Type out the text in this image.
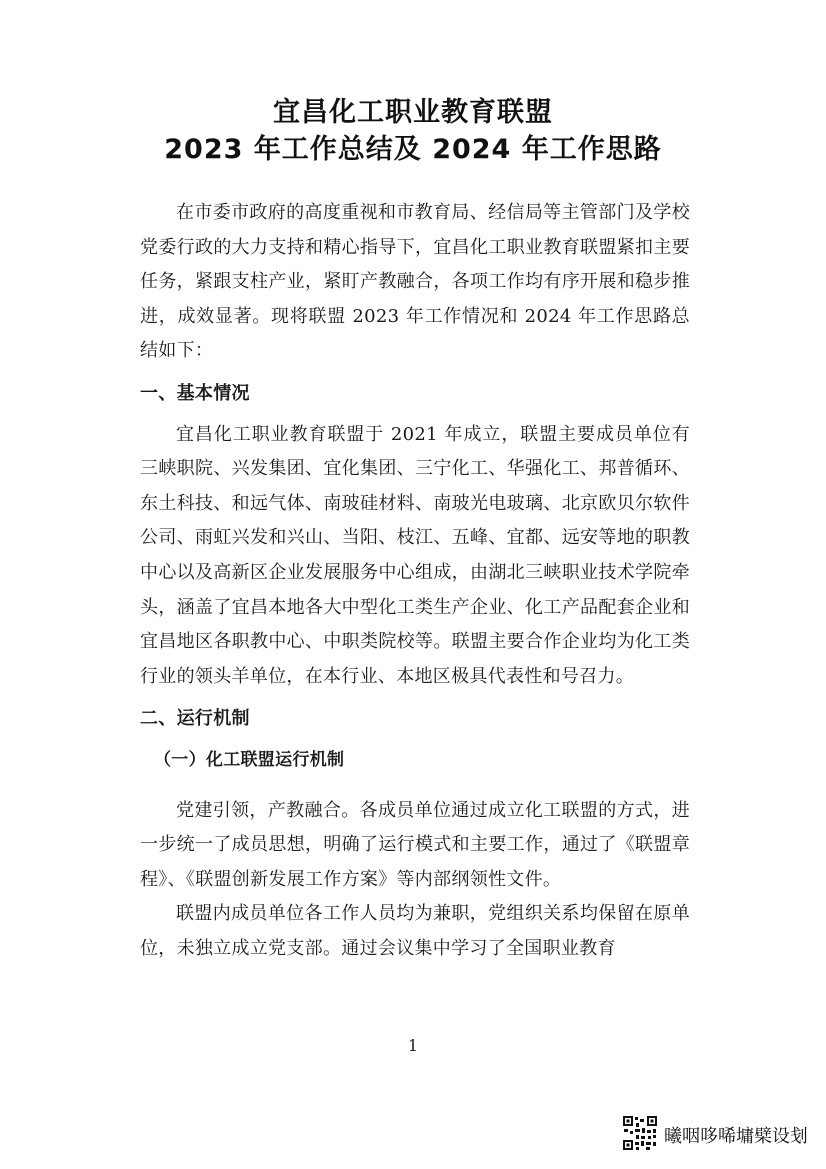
宜昌化工职业教育联盟
2023 年工作总结及 2024 年工作思路

在市委市政府的高度重视和市教育局、经信局等主管部门及学校党委行政的大力支持和精心指导下，宜昌化工职业教育联盟紧扣主要任务，紧跟支柱产业，紧盯产教融合，各项工作均有序开展和稳步推进，成效显著。现将联盟 2023 年工作情况和 2024 年工作思路总结如下：

一、基本情况

宜昌化工职业教育联盟于 2021 年成立，联盟主要成员单位有三峡职院、兴发集团、宜化集团、三宁化工、华强化工、邦普循环、东土科技、和远气体、南玻硅材料、南玻光电玻璃、北京欧贝尔软件公司、雨虹兴发和兴山、当阳、枝江、五峰、宜都、远安等地的职教中心以及高新区企业发展服务中心组成，由湖北三峡职业技术学院牵头，涵盖了宜昌本地各大中型化工类生产企业、化工产品配套企业和宜昌地区各职教中心、中职类院校等。联盟主要合作企业均为化工类行业的领头羊单位，在本行业、本地区极具代表性和号召力。

二、运行机制
（一）化工联盟运行机制

党建引领，产教融合。各成员单位通过成立化工联盟的方式，进一步统一了成员思想，明确了运行模式和主要工作，通过了《联盟章程》、《联盟创新发展工作方案》等内部纲领性文件。

联盟内成员单位各工作人员均为兼职，党组织关系均保留在原单位，未独立成立党支部。通过会议集中学习了全国职业教育

1
曦咽哆唏墉檗设刬
